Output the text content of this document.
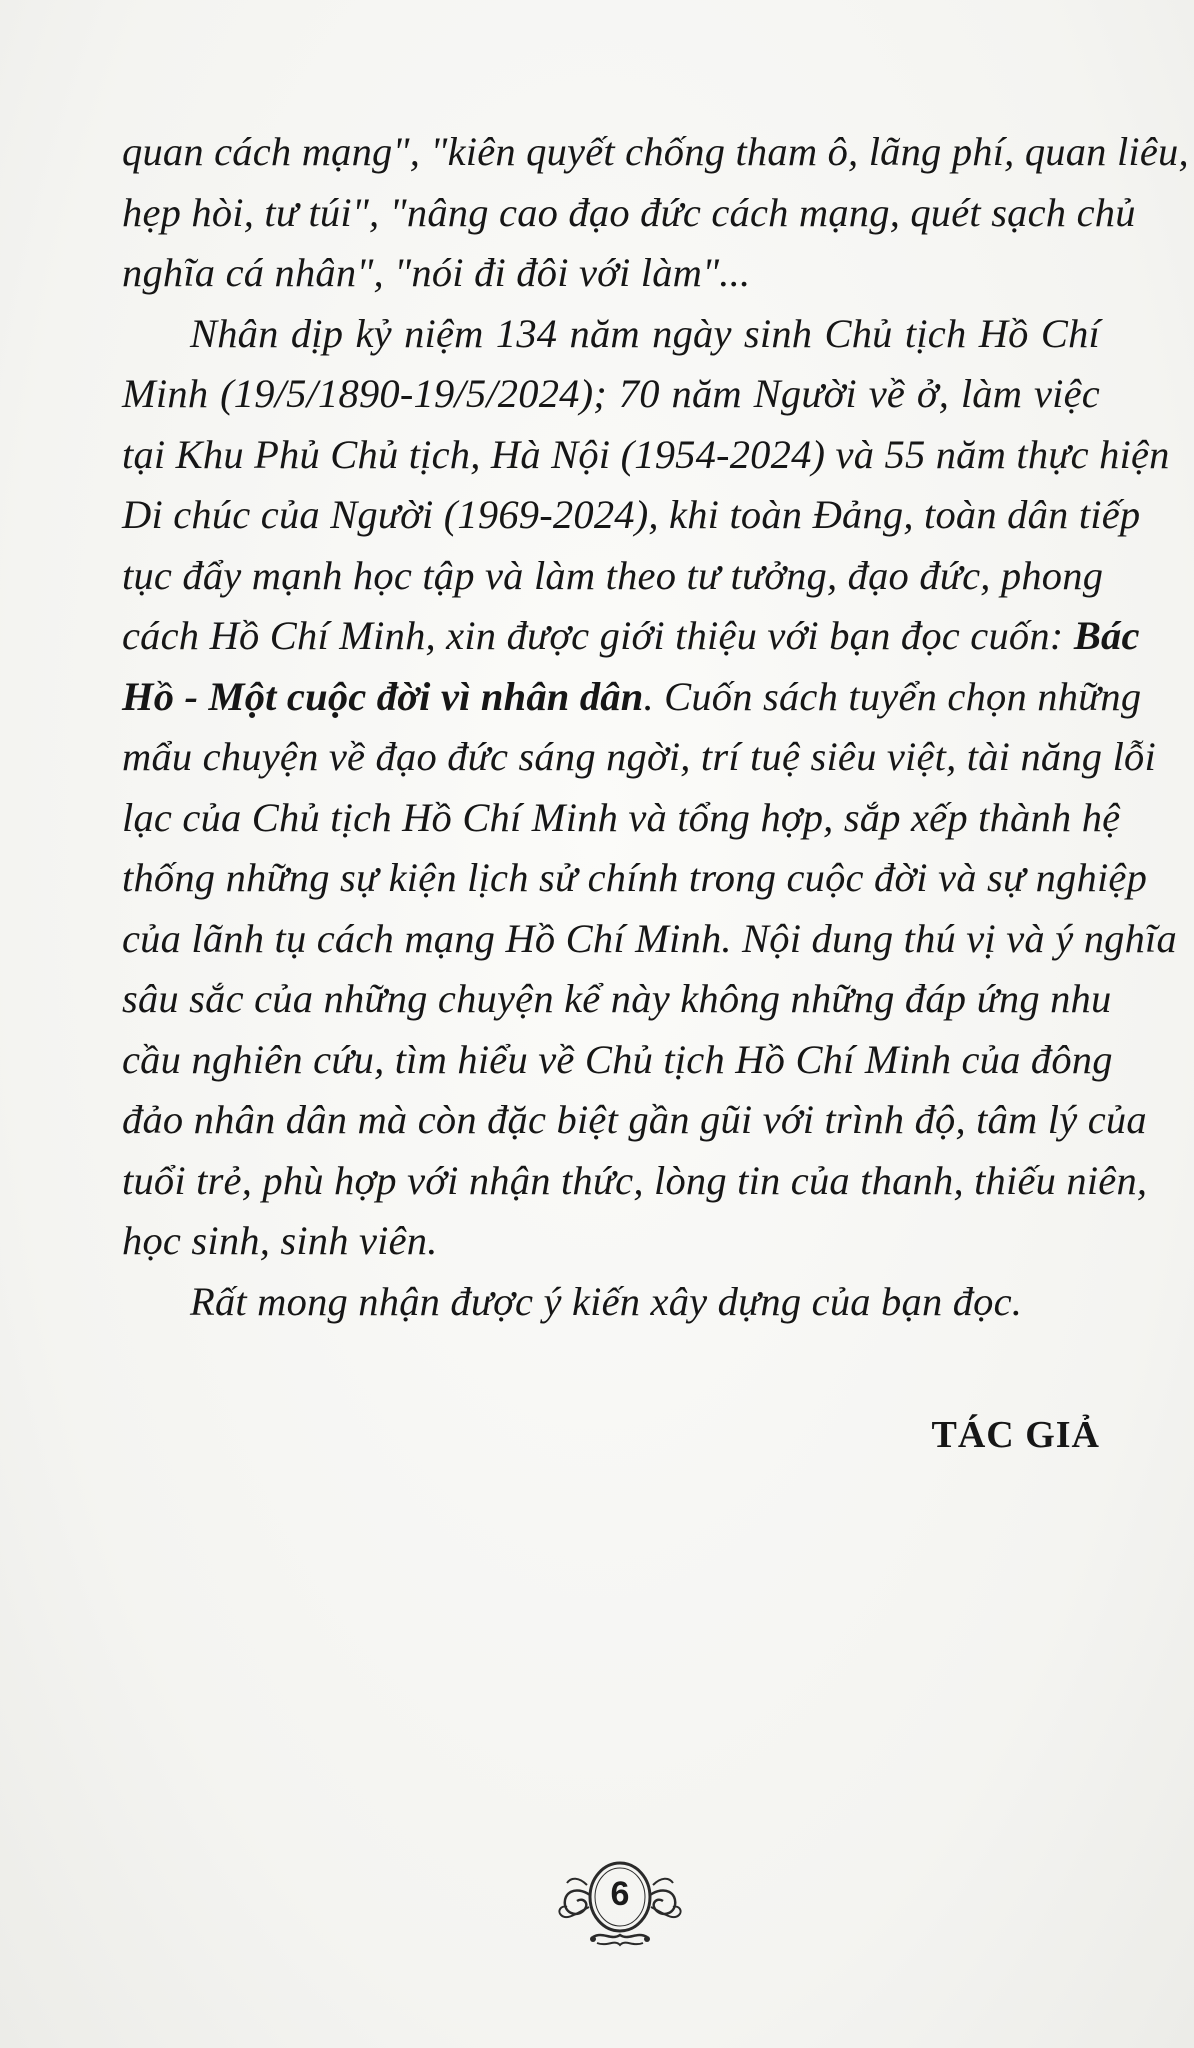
quan cách mạng", "kiên quyết chống tham ô, lãng phí, quan liêu,
hẹp hòi, tư túi", "nâng cao đạo đức cách mạng, quét sạch chủ
nghĩa cá nhân", "nói đi đôi với làm"...
Nhân dịp kỷ niệm 134 năm ngày sinh Chủ tịch Hồ Chí
Minh (19/5/1890-19/5/2024); 70 năm Người về ở, làm việc
tại Khu Phủ Chủ tịch, Hà Nội (1954-2024) và 55 năm thực hiện
Di chúc của Người (1969-2024), khi toàn Đảng, toàn dân tiếp
tục đẩy mạnh học tập và làm theo tư tưởng, đạo đức, phong
cách Hồ Chí Minh, xin được giới thiệu với bạn đọc cuốn: Bác
Hồ - Một cuộc đời vì nhân dân. Cuốn sách tuyển chọn những
mẩu chuyện về đạo đức sáng ngời, trí tuệ siêu việt, tài năng lỗi
lạc của Chủ tịch Hồ Chí Minh và tổng hợp, sắp xếp thành hệ
thống những sự kiện lịch sử chính trong cuộc đời và sự nghiệp
của lãnh tụ cách mạng Hồ Chí Minh. Nội dung thú vị và ý nghĩa
sâu sắc của những chuyện kể này không những đáp ứng nhu
cầu nghiên cứu, tìm hiểu về Chủ tịch Hồ Chí Minh của đông
đảo nhân dân mà còn đặc biệt gần gũi với trình độ, tâm lý của
tuổi trẻ, phù hợp với nhận thức, lòng tin của thanh, thiếu niên,
học sinh, sinh viên.
Rất mong nhận được ý kiến xây dựng của bạn đọc.
TÁC GIẢ
6
